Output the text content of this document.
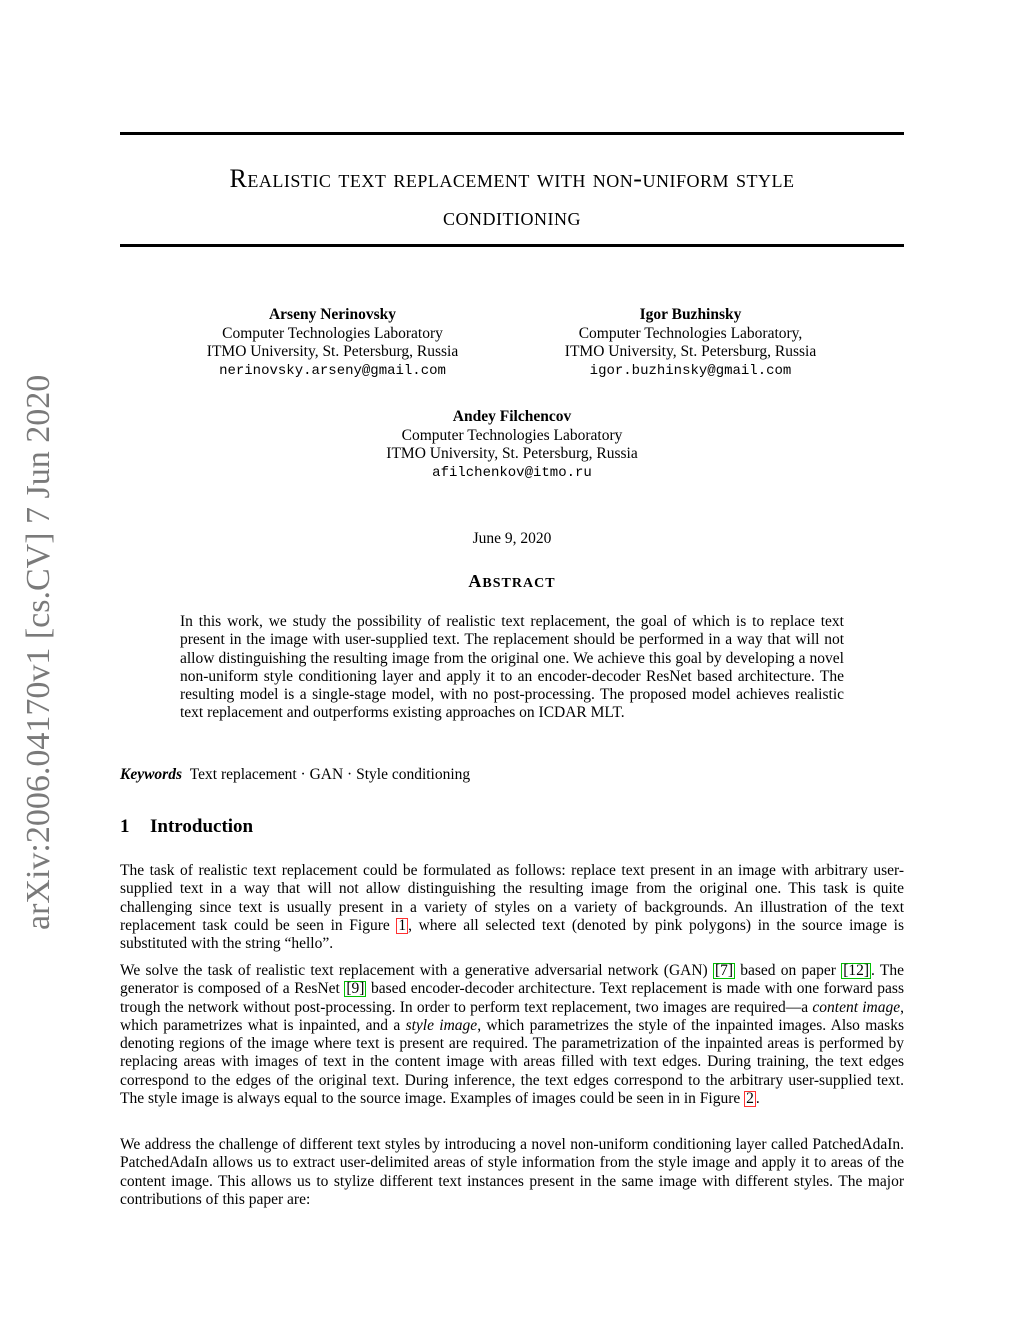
arXiv:2006.04170v1 [cs.CV] 7 Jun 2020
Realistic text replacement with non-uniform style
conditioning
Arseny Nerinovsky
Computer Technologies Laboratory
ITMO University, St. Petersburg, Russia
nerinovsky.arseny@gmail.com
Igor Buzhinsky
Computer Technologies Laboratory,
ITMO University, St. Petersburg, Russia
igor.buzhinsky@gmail.com
Andey Filchencov
Computer Technologies Laboratory
ITMO University, St. Petersburg, Russia
afilchenkov@itmo.ru
June 9, 2020
ABSTRACT
In this work, we study the possibility of realistic text replacement, the goal of which is to replace text present in the image with user-supplied text. The replacement should be performed in a way that will not allow distinguishing the resulting image from the original one. We achieve this goal by developing a novel non-uniform style conditioning layer and apply it to an encoder-decoder ResNet based architecture. The resulting model is a single-stage model, with no post-processing. The proposed model achieves realistic text replacement and outperforms existing approaches on ICDAR MLT.
Keywords Text replacement · GAN · Style conditioning
1 Introduction

The task of realistic text replacement could be formulated as follows: replace text present in an image with arbitrary user-supplied text in a way that will not allow distinguishing the resulting image from the original one. This task is quite challenging since text is usually present in a variety of styles on a variety of backgrounds. An illustration of the text replacement task could be seen in Figure 1 , where all selected text (denoted by pink polygons) in the source image is substituted with the string “hello”.

We solve the task of realistic text replacement with a generative adversarial network (GAN) [7] based on paper [12] . The generator is composed of a ResNet [9] based encoder-decoder architecture. Text replacement is made with one forward pass trough the network without post-processing. In order to perform text replacement, two images are required—a content image, which parametrizes what is inpainted, and a style image, which parametrizes the style of the inpainted images. Also masks denoting regions of the image where text is present are required. The parametrization of the inpainted areas is performed by replacing areas with images of text in the content image with areas filled with text edges. During training, the text edges correspond to the edges of the original text. During inference, the text edges correspond to the arbitrary user-supplied text. The style image is always equal to the source image. Examples of images could be seen in in Figure 2 .

We address the challenge of different text styles by introducing a novel non-uniform conditioning layer called PatchedAdaIn. PatchedAdaIn allows us to extract user-delimited areas of style information from the style image and apply it to areas of the content image. This allows us to stylize different text instances present in the same image with different styles. The major contributions of this paper are:
